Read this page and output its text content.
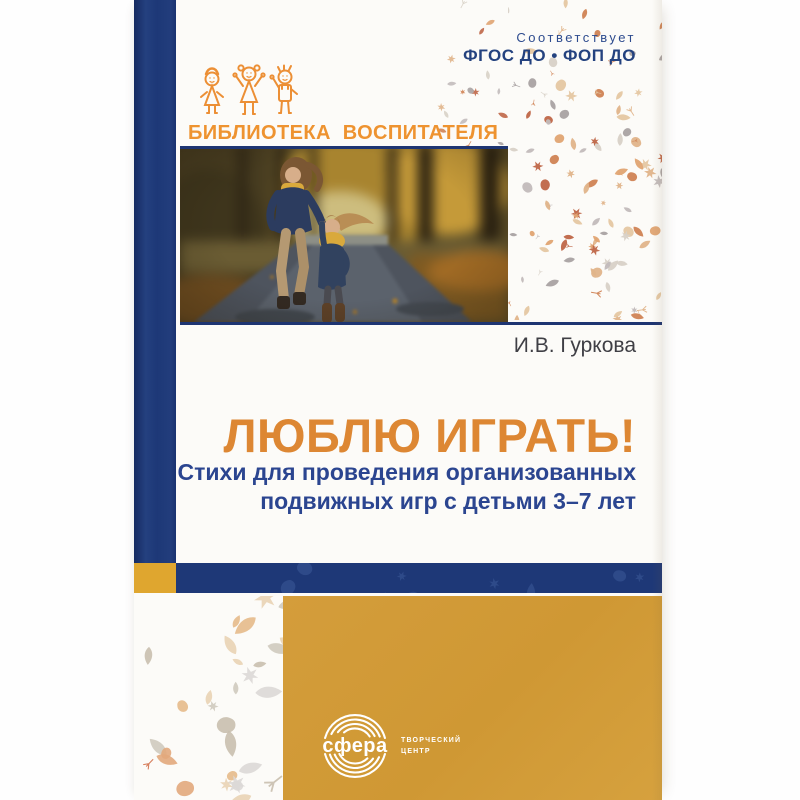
Соответствует
ФГОС ДО • ФОП ДО
БИБЛИОТЕКА ВОСПИТАТЕЛЯ
И.В. Гуркова
ЛЮБЛЮ ИГРАТЬ!
Стихи для проведения организованных
подвижных игр с детьми 3–7 лет
сфера ТВОРЧЕСКИЙ
ЦЕНТР
